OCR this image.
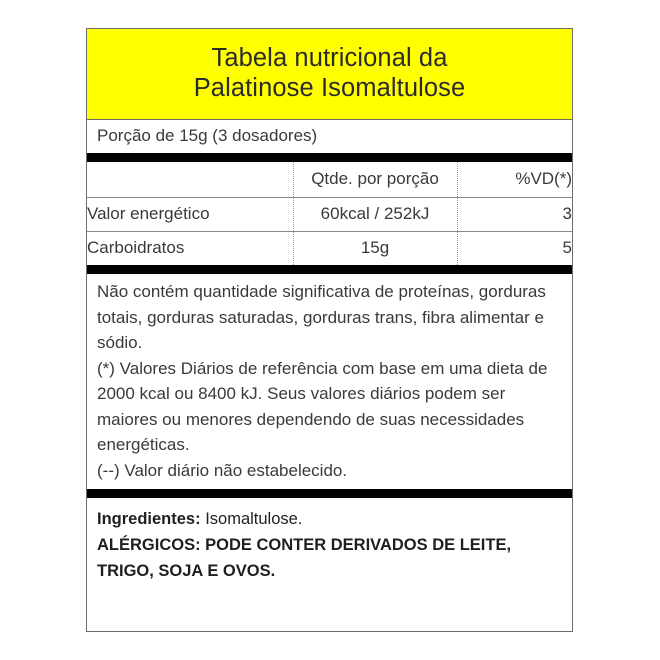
Tabela nutricional da
Palatinose Isomaltulose
Porção de 15g (3 dosadores)
	Qtde. por porção	%VD(*)
Valor energético	60kcal / 252kJ	3
Carboidratos	15g	5

Não contém quantidade significativa de proteínas, gorduras totais, gorduras saturadas, gorduras trans, fibra alimentar e sódio.

(*) Valores Diários de referência com base em uma dieta de 2000 kcal ou 8400 kJ. Seus valores diários podem ser maiores ou menores dependendo de suas necessidades energéticas.

(--) Valor diário não estabelecido.

Ingredientes: Isomaltulose.

ALÉRGICOS: PODE CONTER DERIVADOS DE LEITE, TRIGO, SOJA E OVOS.
